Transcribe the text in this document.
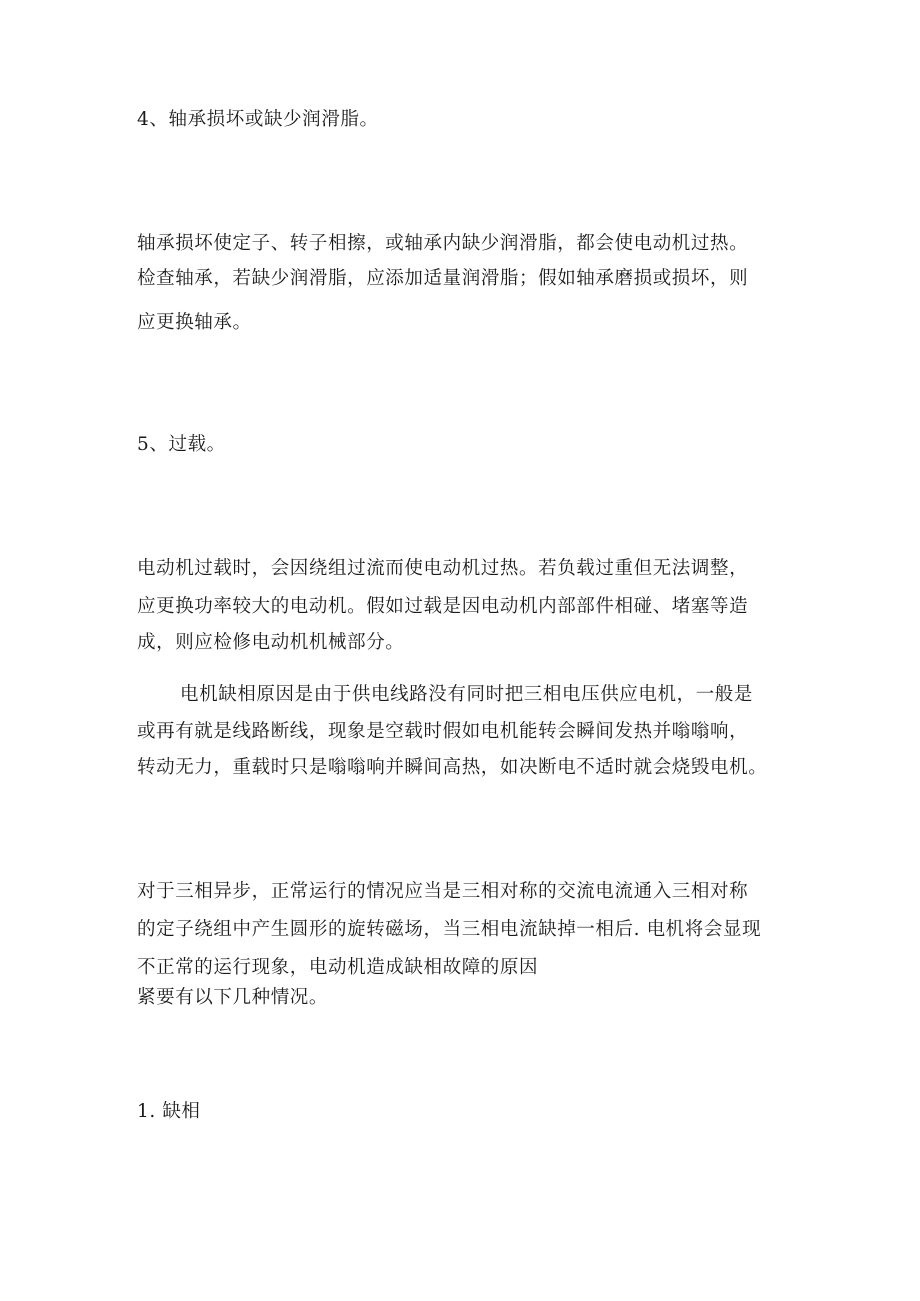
4、轴承损坏或缺少润滑脂。

轴承损坏使定子、转子相擦，或轴承内缺少润滑脂，都会使电动机过热。

检查轴承，若缺少润滑脂，应添加适量润滑脂；假如轴承磨损或损坏，则

应更换轴承。

5、过载。

电动机过载时，会因绕组过流而使电动机过热。若负载过重但无法调整，

应更换功率较大的电动机。假如过载是因电动机内部部件相碰、堵塞等造

成，则应检修电动机机械部分。

电机缺相原因是由于供电线路没有同时把三相电压供应电机，一般是

或再有就是线路断线，现象是空载时假如电机能转会瞬间发热并嗡嗡响，

转动无力，重载时只是嗡嗡响并瞬间高热，如决断电不适时就会烧毁电机。

对于三相异步，正常运行的情况应当是三相对称的交流电流通入三相对称

的定子绕组中产生圆形的旋转磁场，当三相电流缺掉一相后. 电机将会显现

不正常的运行现象，电动机造成缺相故障的原因

紧要有以下几种情况。

1. 缺相
